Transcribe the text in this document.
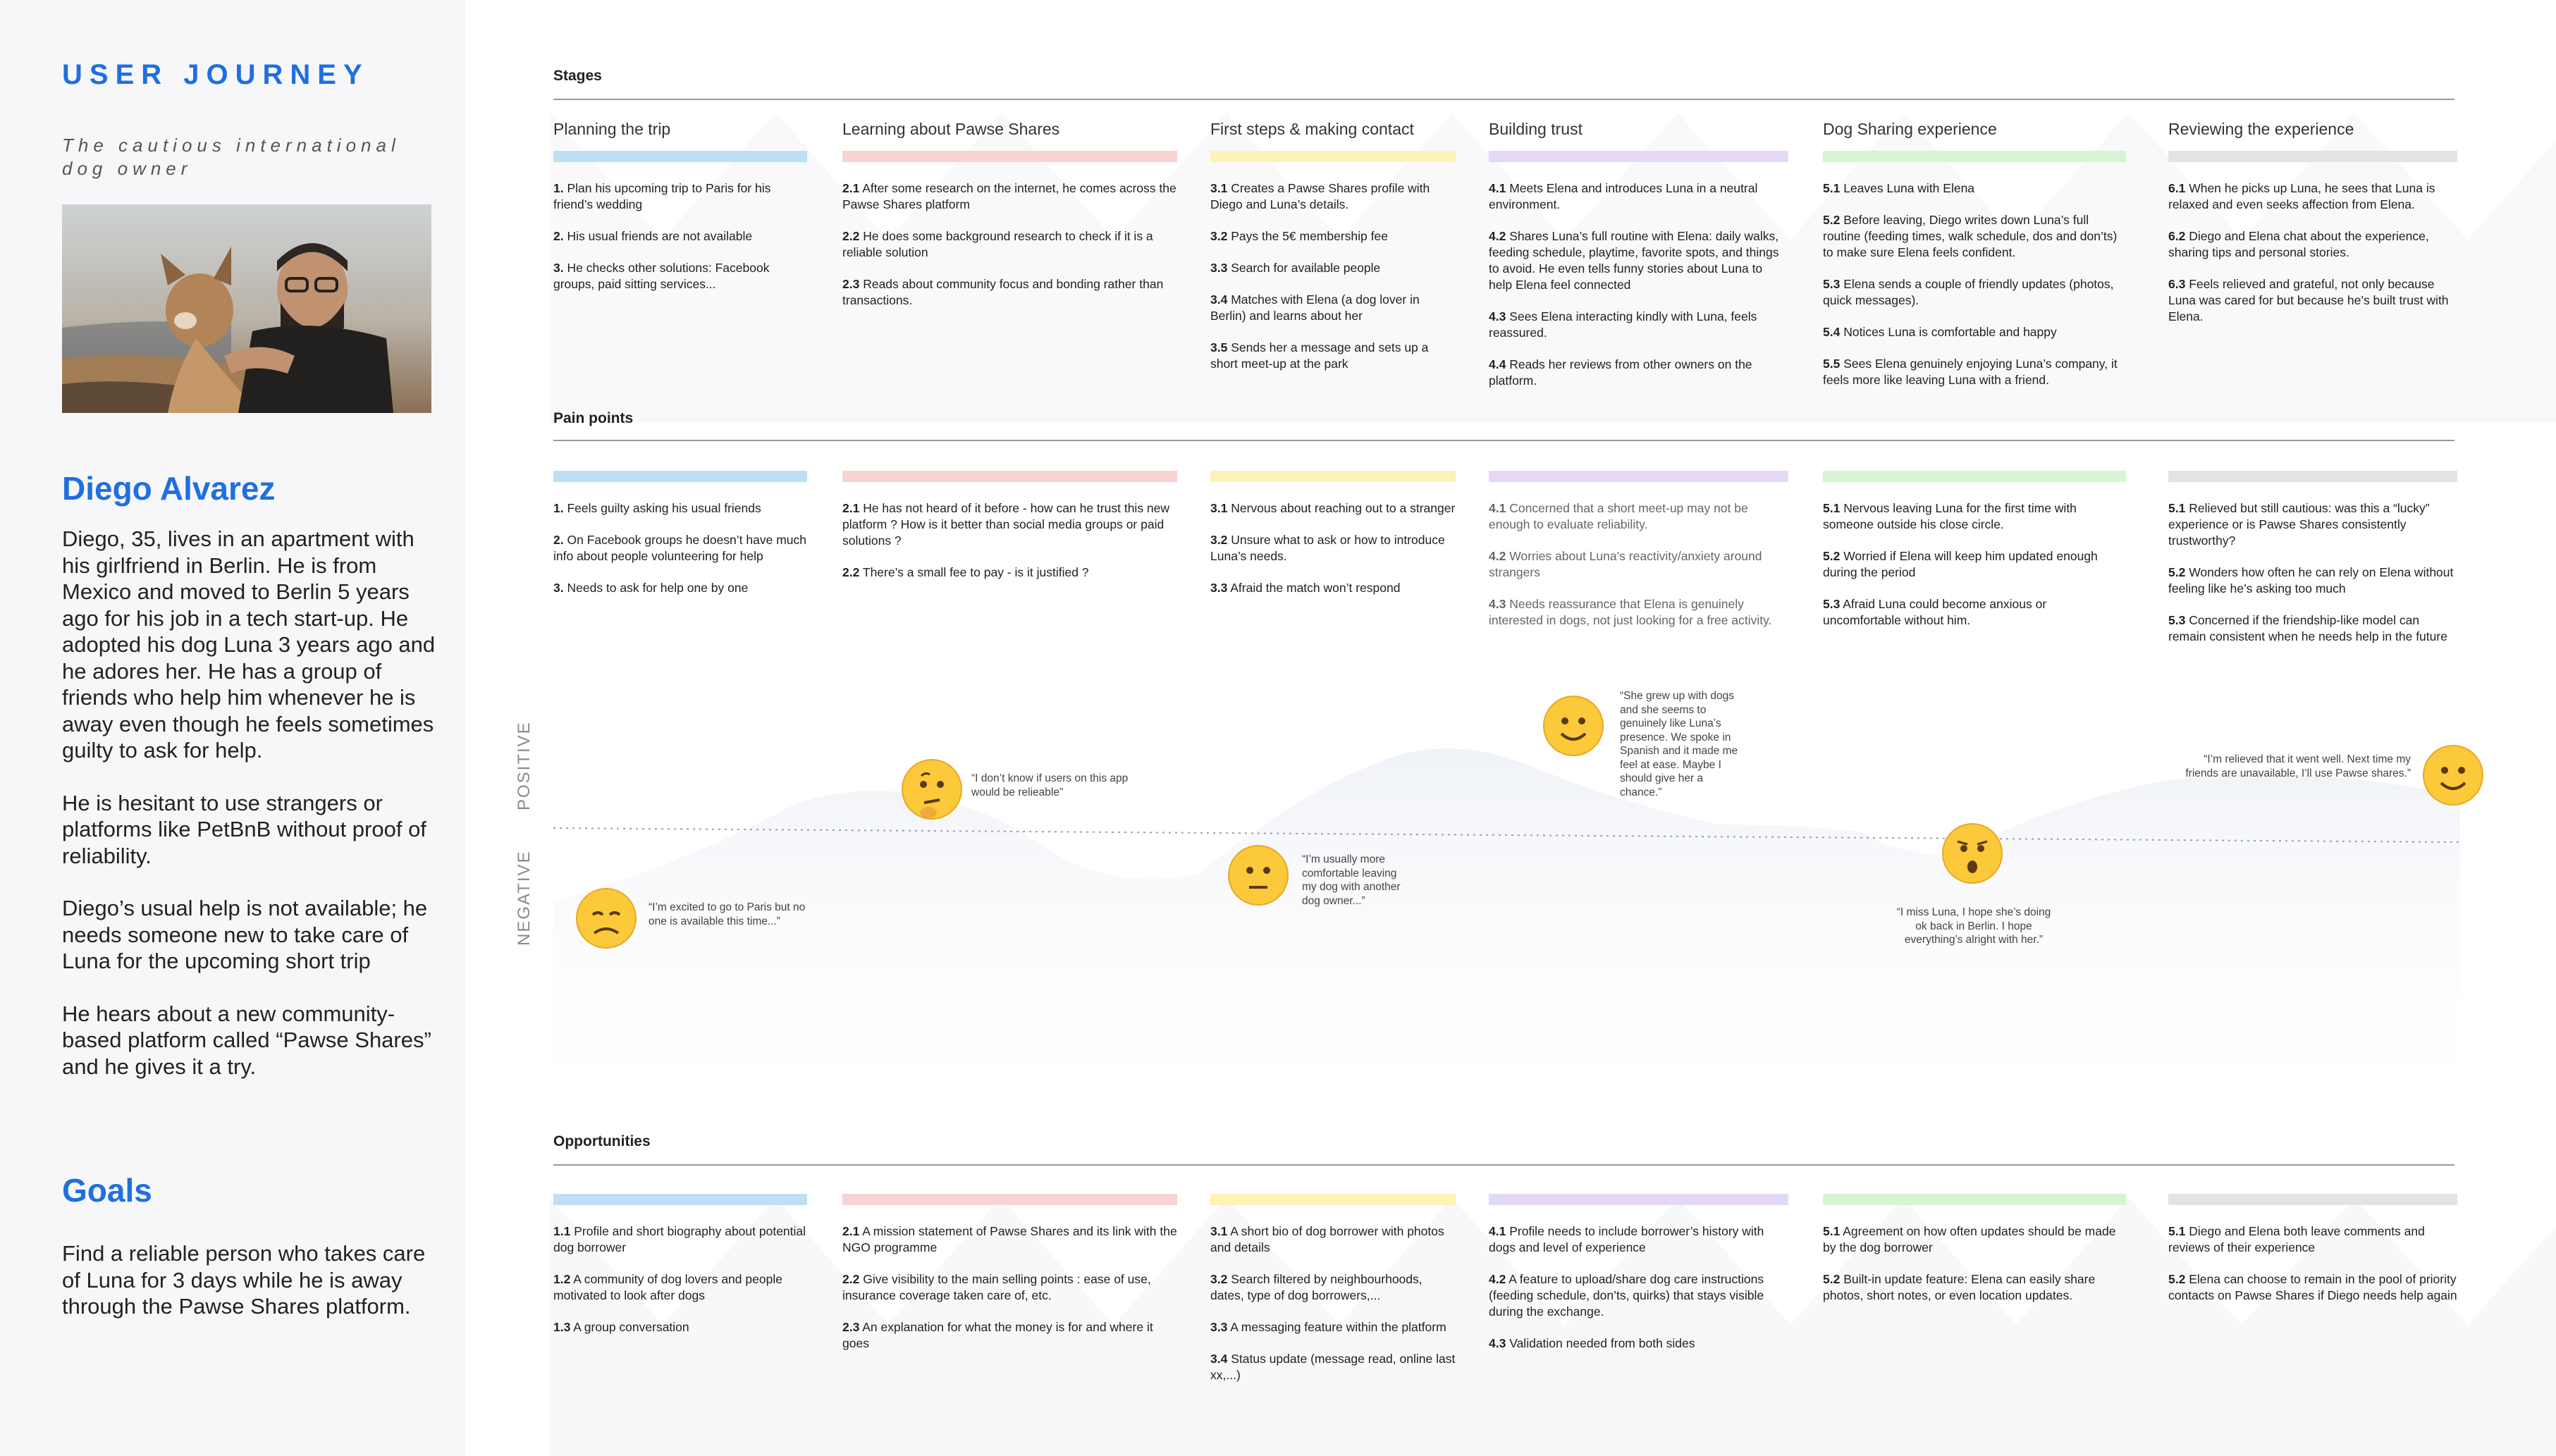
USER JOURNEY
The cautious international dog owner
Diego Alvarez

Diego, 35, lives in an apartment with his girlfriend in Berlin. He is from Mexico and moved to Berlin 5 years ago for his job in a tech start-up. He adopted his dog Luna 3 years ago and he adores her. He has a group of friends who help him whenever he is away even though he feels sometimes guilty to ask for help.

He is hesitant to use strangers or platforms like PetBnB without proof of reliability.

Diego’s usual help is not available; he needs someone new to take care of Luna for the upcoming short trip

He hears about a new community-based platform called “Pawse Shares” and he gives it a try.

Goals
Find a reliable person who takes care of Luna for 3 days while he is away through the Pawse Shares platform.
Stages
Pain points
Opportunities
Planning the trip

1. Plan his upcoming trip to Paris for his friend’s wedding

2. His usual friends are not available

3. He checks other solutions: Facebook groups, paid sitting services...

1. Feels guilty asking his usual friends

2. On Facebook groups he doesn’t have much info about people volunteering for help

3. Needs to ask for help one by one

1.1 Profile and short biography about potential dog borrower

1.2 A community of dog lovers and people motivated to look after dogs

1.3 A group conversation

Learning about Pawse Shares

2.1 After some research on the internet, he comes across the Pawse Shares platform

2.2 He does some background research to check if it is a reliable solution

2.3 Reads about community focus and bonding rather than transactions.

2.1 He has not heard of it before - how can he trust this new platform ? How is it better than social media groups or paid solutions ?

2.2 There’s a small fee to pay - is it justified ?

2.1 A mission statement of Pawse Shares and its link with the NGO programme

2.2 Give visibility to the main selling points : ease of use, insurance coverage taken care of, etc.

2.3 An explanation for what the money is for and where it goes

First steps & making contact

3.1 Creates a Pawse Shares profile with Diego and Luna’s details.

3.2 Pays the 5€ membership fee

3.3 Search for available people

3.4 Matches with Elena (a dog lover in Berlin) and learns about her

3.5 Sends her a message and sets up a short meet-up at the park

3.1 Nervous about reaching out to a stranger

3.2 Unsure what to ask or how to introduce Luna’s needs.

3.3 Afraid the match won’t respond

3.1 A short bio of dog borrower with photos and details

3.2 Search filtered by neighbourhoods, dates, type of dog borrowers,...

3.3 A messaging feature within the platform

3.4 Status update (message read, online last xx,...)

Building trust

4.1 Meets Elena and introduces Luna in a neutral environment.

4.2 Shares Luna’s full routine with Elena: daily walks, feeding schedule, playtime, favorite spots, and things to avoid. He even tells funny stories about Luna to help Elena feel connected

4.3 Sees Elena interacting kindly with Luna, feels reassured.

4.4 Reads her reviews from other owners on the platform.

4.1 Concerned that a short meet-up may not be enough to evaluate reliability.

4.2 Worries about Luna’s reactivity/anxiety around strangers

4.3 Needs reassurance that Elena is genuinely interested in dogs, not just looking for a free activity.

4.1 Profile needs to include borrower’s history with dogs and level of experience

4.2 A feature to upload/share dog care instructions (feeding schedule, don’ts, quirks) that stays visible during the exchange.

4.3 Validation needed from both sides

Dog Sharing experience

5.1 Leaves Luna with Elena

5.2 Before leaving, Diego writes down Luna’s full routine (feeding times, walk schedule, dos and don’ts) to make sure Elena feels confident.

5.3 Elena sends a couple of friendly updates (photos, quick messages).

5.4 Notices Luna is comfortable and happy

5.5 Sees Elena genuinely enjoying Luna’s company, it feels more like leaving Luna with a friend.

5.1 Nervous leaving Luna for the first time with someone outside his close circle.

5.2 Worried if Elena will keep him updated enough during the period

5.3 Afraid Luna could become anxious or uncomfortable without him.

5.1 Agreement on how often updates should be made by the dog borrower

5.2 Built-in update feature: Elena can easily share photos, short notes, or even location updates.

Reviewing the experience

6.1 When he picks up Luna, he sees that Luna is relaxed and even seeks affection from Elena.

6.2 Diego and Elena chat about the experience, sharing tips and personal stories.

6.3 Feels relieved and grateful, not only because Luna was cared for but because he’s built trust with Elena.

5.1 Relieved but still cautious: was this a “lucky” experience or is Pawse Shares consistently trustworthy?

5.2 Wonders how often he can rely on Elena without feeling like he’s asking too much

5.3 Concerned if the friendship-like model can remain consistent when he needs help in the future

5.1 Diego and Elena both leave comments and reviews of their experience

5.2 Elena can choose to remain in the pool of priority contacts on Pawse Shares if Diego needs help again

POSITIVE
NEGATIVE	“I’m excited to go to Paris but no one is available this time...”
“I don’t know if users on this app would be relieable”
“I’m usually more comfortable leaving my dog with another dog owner...”
“She grew up with dogs and she seems to genuinely like Luna’s presence. We spoke in Spanish and it made me feel at ease. Maybe I should give her a chance.”
“I miss Luna, I hope she’s doing ok back in Berlin. I hope everything’s alright with her.”
“I’m relieved that it went well. Next time my friends are unavailable, I’ll use Pawse shares.”
